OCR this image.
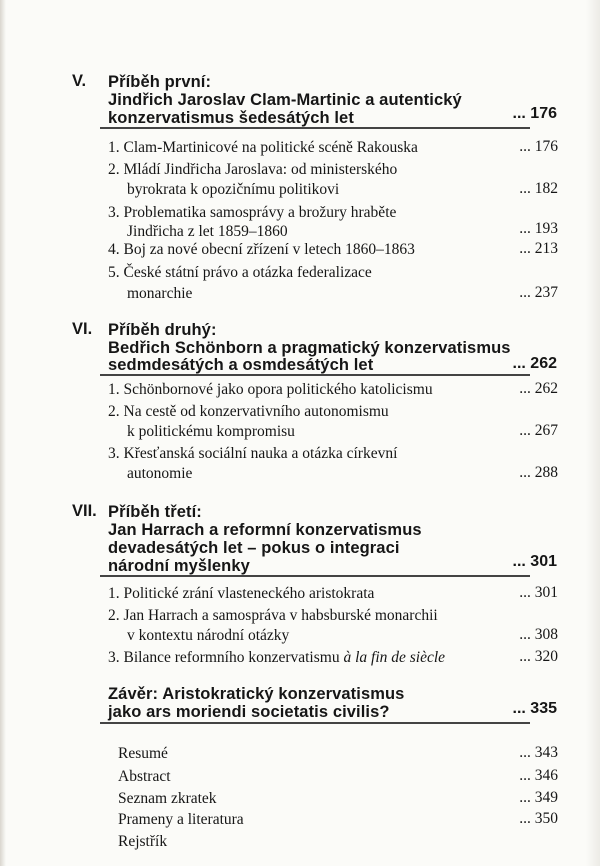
V. Příběh první:
Jindřich Jaroslav Clam-Martinic a autentický
konzervatismus šedesátých let	... 176
1. Clam-Martinicové na politické scéně Rakouska	... 176
2. Mládí Jindřicha Jaroslava: od ministerského
byrokrata k opozičnímu politikovi	... 182
3. Problematika samosprávy a brožury hraběte
Jindřicha z let 1859–1860	... 193
4. Boj za nové obecní zřízení v letech 1860–1863	... 213
5. České státní právo a otázka federalizace
monarchie	... 237
VI. Příběh druhý:
Bedřich Schönborn a pragmatický konzervatismus
sedmdesátých a osmdesátých let	... 262
1. Schönbornové jako opora politického katolicismu	... 262
2. Na cestě od konzervativního autonomismu
k politickému kompromisu	... 267
3. Křesťanská sociální nauka a otázka církevní
autonomie	... 288
VII. Příběh třetí:
Jan Harrach a reformní konzervatismus
devadesátých let – pokus o integraci
národní myšlenky	... 301
1. Politické zrání vlasteneckého aristokrata	... 301
2. Jan Harrach a samospráva v habsburské monarchii
v kontextu národní otázky	... 308
3. Bilance reformního konzervatismu à la fin de siècle	... 320
Závěr: Aristokratický konzervatismus
jako ars moriendi societatis civilis?	... 335
Resumé	... 343
Abstract	... 346
Seznam zkratek	... 349
Prameny a literatura	... 350
Rejstřík
